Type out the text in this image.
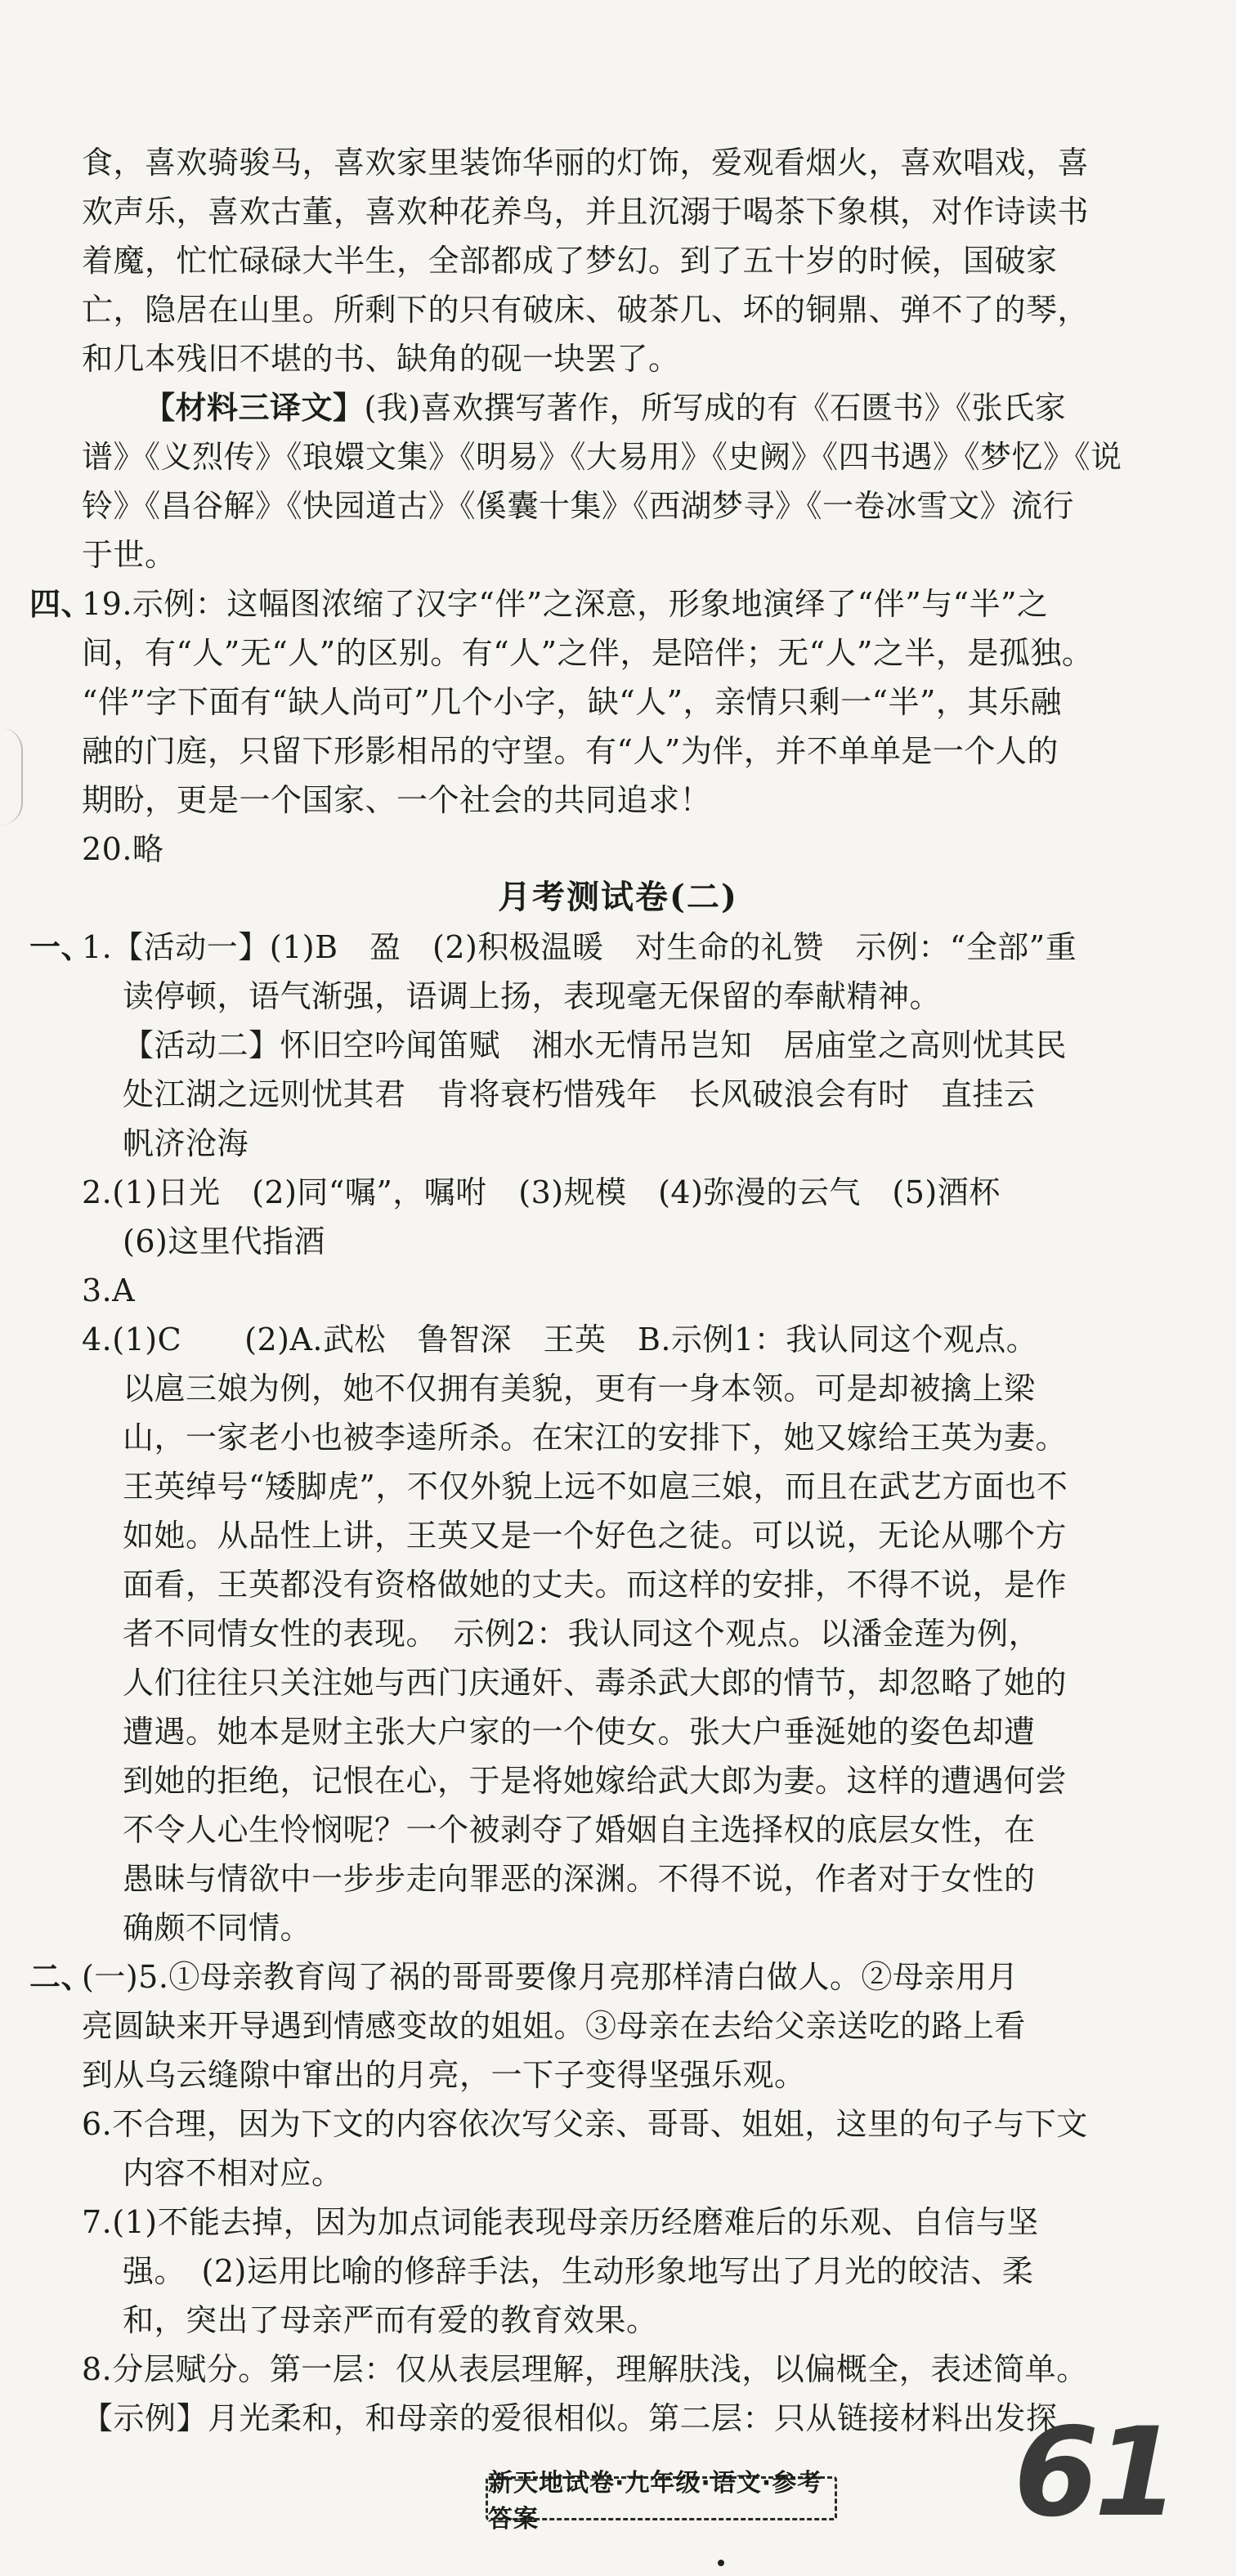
食，喜欢骑骏马，喜欢家里装饰华丽的灯饰，爱观看烟火，喜欢唱戏，喜
欢声乐，喜欢古董，喜欢种花养鸟，并且沉溺于喝茶下象棋，对作诗读书
着魔，忙忙碌碌大半生，全部都成了梦幻。到了五十岁的时候，国破家
亡，隐居在山里。所剩下的只有破床、破茶几、坏的铜鼎、弹不了的琴，
和几本残旧不堪的书、缺角的砚一块罢了。
【材料三译文】(我)喜欢撰写著作，所写成的有《石匮书》《张氏家
谱》《义烈传》《琅嬛文集》《明易》《大易用》《史阙》《四书遇》《梦忆》《说
铃》《昌谷解》《快园道古》《傒囊十集》《西湖梦寻》《一卷冰雪文》流行
于世。
四、
19.示例：这幅图浓缩了汉字“伴”之深意，形象地演绎了“伴”与“半”之
间，有“人”无“人”的区别。有“人”之伴，是陪伴；无“人”之半，是孤独。
“伴”字下面有“缺人尚可”几个小字，缺“人”，亲情只剩一“半”，其乐融
融的门庭，只留下形影相吊的守望。有“人”为伴，并不单单是一个人的
期盼，更是一个国家、一个社会的共同追求！
20.略
月考测试卷(二)
一、
1.【活动一】(1)B　盈　(2)积极温暖　对生命的礼赞　示例：“全部”重
读停顿，语气渐强，语调上扬，表现毫无保留的奉献精神。
【活动二】怀旧空吟闻笛赋　湘水无情吊岂知　居庙堂之高则忧其民
处江湖之远则忧其君　肯将衰朽惜残年　长风破浪会有时　直挂云
帆济沧海
2.(1)日光　(2)同“嘱”，嘱咐　(3)规模　(4)弥漫的云气　(5)酒杯
(6)这里代指酒
3.A
4.(1)C　　(2)A.武松　鲁智深　王英　B.示例1：我认同这个观点。
以扈三娘为例，她不仅拥有美貌，更有一身本领。可是却被擒上梁
山，一家老小也被李逵所杀。在宋江的安排下，她又嫁给王英为妻。
王英绰号“矮脚虎”，不仅外貌上远不如扈三娘，而且在武艺方面也不
如她。从品性上讲，王英又是一个好色之徒。可以说，无论从哪个方
面看，王英都没有资格做她的丈夫。而这样的安排，不得不说，是作
者不同情女性的表现。　示例2：我认同这个观点。以潘金莲为例，
人们往往只关注她与西门庆通奸、毒杀武大郎的情节，却忽略了她的
遭遇。她本是财主张大户家的一个使女。张大户垂涎她的姿色却遭
到她的拒绝，记恨在心，于是将她嫁给武大郎为妻。这样的遭遇何尝
不令人心生怜悯呢？一个被剥夺了婚姻自主选择权的底层女性，在
愚昧与情欲中一步步走向罪恶的深渊。不得不说，作者对于女性的
确颇不同情。
二、
(一)5.①母亲教育闯了祸的哥哥要像月亮那样清白做人。②母亲用月
亮圆缺来开导遇到情感变故的姐姐。③母亲在去给父亲送吃的路上看
到从乌云缝隙中窜出的月亮，一下子变得坚强乐观。
6.不合理，因为下文的内容依次写父亲、哥哥、姐姐，这里的句子与下文
内容不相对应。
7.(1)不能去掉，因为加点词能表现母亲历经磨难后的乐观、自信与坚
强。　(2)运用比喻的修辞手法，生动形象地写出了月光的皎洁、柔
和，突出了母亲严而有爱的教育效果。
8.分层赋分。第一层：仅从表层理解，理解肤浅，以偏概全，表述简单。
【示例】月光柔和，和母亲的爱很相似。第二层：只从链接材料出发探
新天地试卷·九年级·语文·参考答案	61
